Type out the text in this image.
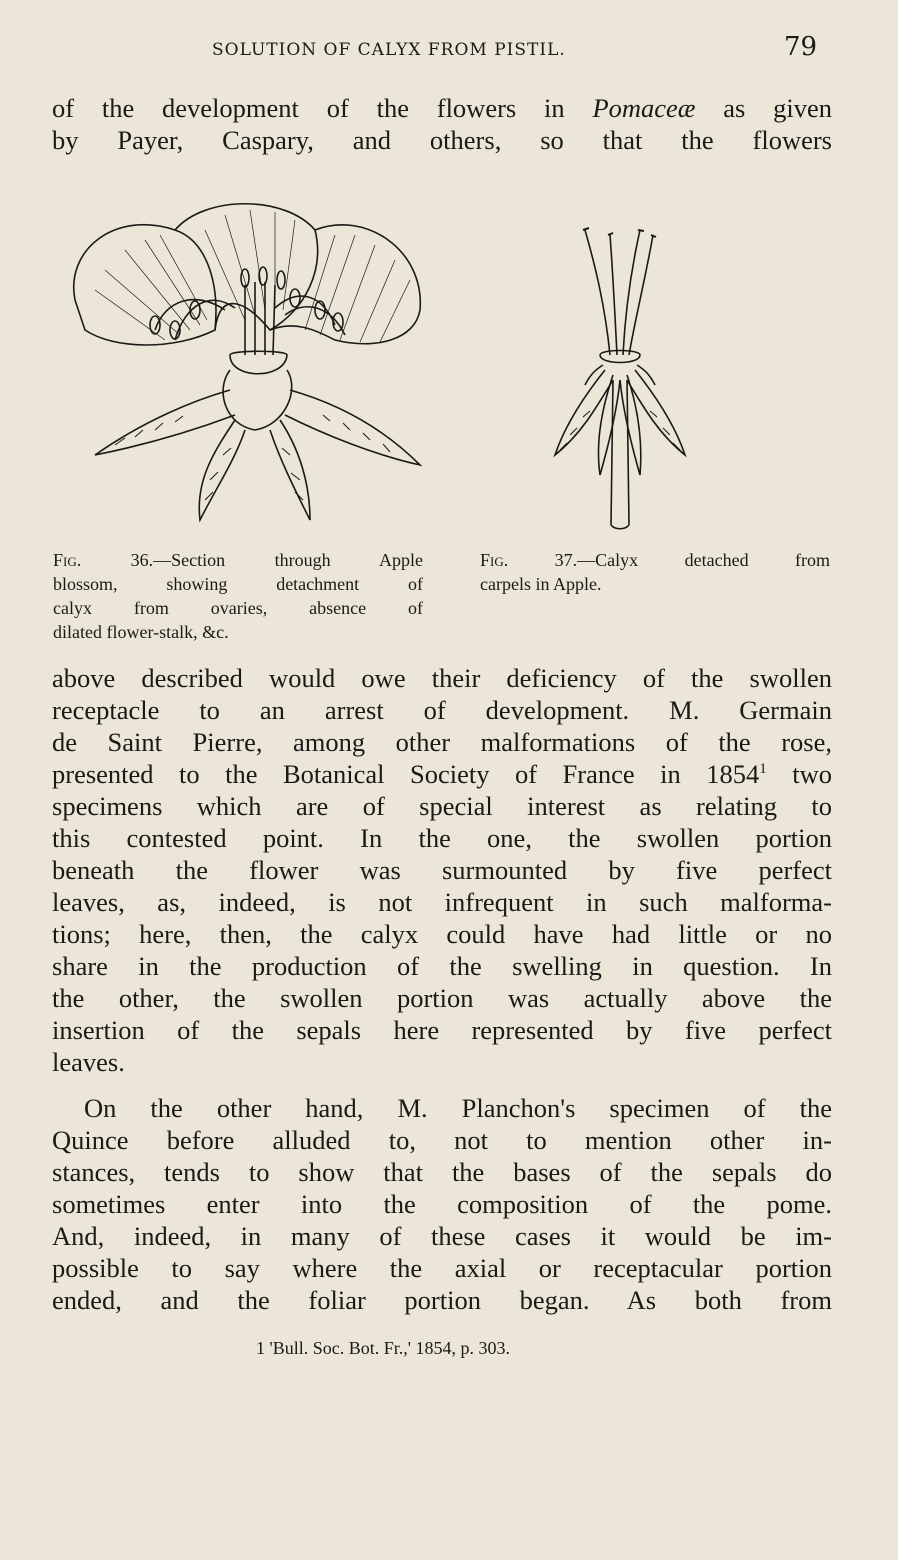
SOLUTION OF CALYX FROM PISTIL.	79
of the development of the flowers in Pomaceæ as given
by Payer, Caspary, and others, so that the flowers
Fig.	36.—Section through Apple
blossom, showing detachment of
calyx from ovaries, absence of
dilated flower-stalk, &c.
Fig.	37.—Calyx detached from
carpels in Apple.
above described would owe their deficiency of the swollen
receptacle to an arrest of development. M. Germain
de Saint Pierre, among other malformations of the rose,
presented to the Botanical Society of France in 1854$^1$ two
specimens which are of special interest as relating to
this contested point. In the one, the swollen portion
beneath the flower was surmounted by five perfect
leaves, as, indeed, is not infrequent in such malforma-
tions; here, then, the calyx could have had little or no
share in the production of the swelling in question. In
the other, the swollen portion was actually above the
insertion of the sepals here represented by five perfect
leaves.
On the other hand, M. Planchon's specimen of the
Quince before alluded to, not to mention other in-
stances, tends to show that the bases of the sepals do
sometimes enter into the composition of the pome.
And, indeed, in many of these cases it would be im-
possible to say where the axial or receptacular portion
ended, and the foliar portion began. As both from
1 'Bull. Soc. Bot. Fr.,' 1854, p. 303.
